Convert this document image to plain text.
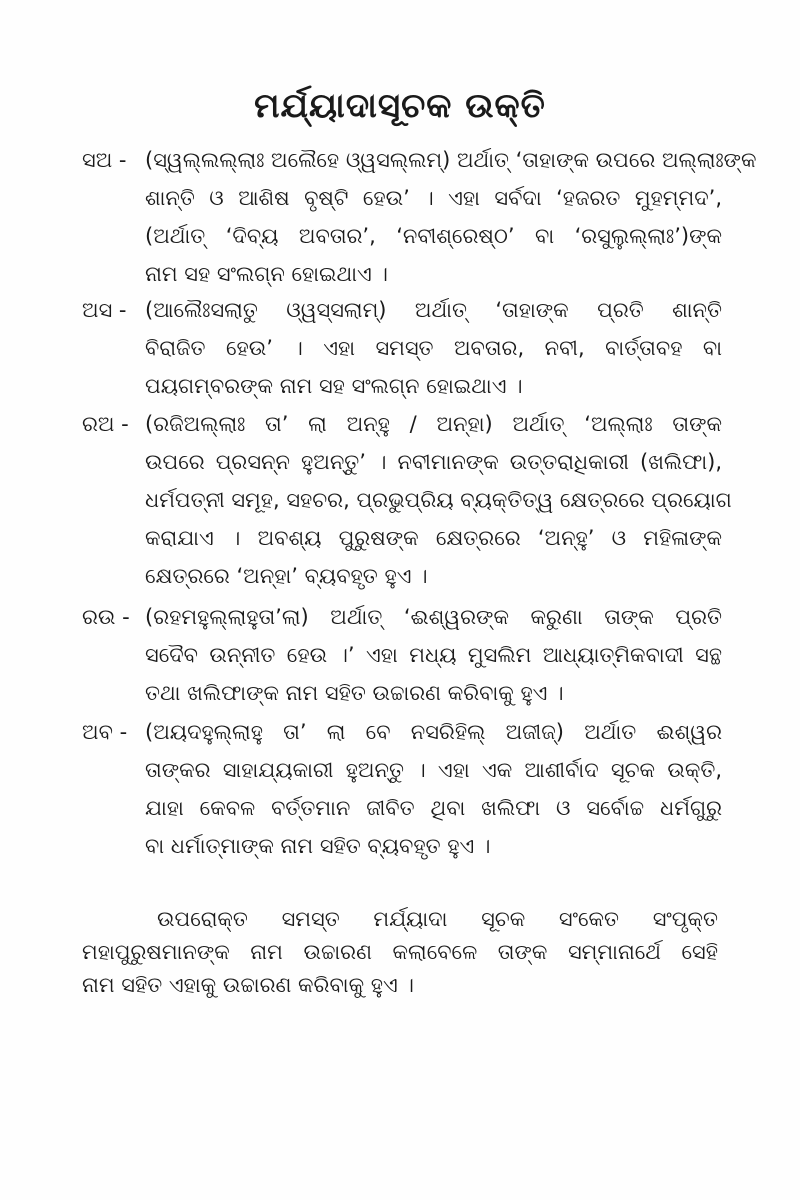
ମର୍ଯ୍ୟାଦାସୂଚକ ଉକ୍ତି
ସଅ - (ସ୍ୱଲ୍ଲଲ୍ଲାଃ ଅଲୈହେ ଓ୍ୱସଲ୍ଲମ୍) ଅର୍ଥାତ୍ ‘ତାହାଙ୍କ ଉପରେ ଅଲ୍ଲାଃଙ୍କ
ଶାନ୍ତି ଓ ଆଶିଷ ବୃଷ୍ଟି ହେଉ’ । ଏହା ସର୍ବଦା ‘ହଜରତ ମୁହମ୍ମଦ’,
(ଅର୍ଥାତ୍ ‘ଦିବ୍ୟ ଅବତାର’, ‘ନବୀଶ୍ରେଷ୍ଠ’ ବା ‘ରସୁଲୁଲ୍ଲାଃ’)ଙ୍କ
ନାମ ସହ ସଂଲଗ୍ନ ହୋଇଥାଏ ।
ଅସ - (ଆଲୈଃସଲାତୁ ଓ୍ୱସ୍‌ସଲାମ୍) ଅର୍ଥାତ୍ ‘ତାହାଙ୍କ ପ୍ରତି ଶାନ୍ତି
ବିରାଜିତ ହେଉ’ । ଏହା ସମସ୍ତ ଅବତାର, ନବୀ, ବାର୍ତ୍ତାବହ ବା
ପୟଗମ୍ବରଙ୍କ ନାମ ସହ ସଂଲଗ୍ନ ହୋଇଥାଏ ।
ରଅ - (ରଜିଅଲ୍ଲାଃ ତା’ ଲା ଅନ୍‌ହୁ / ଅନ୍‌ହା) ଅର୍ଥାତ୍ ‘ଅଲ୍ଲାଃ ତାଙ୍କ
ଉପରେ ପ୍ରସନ୍ନ ହୁଅନ୍ତୁ’ । ନବୀମାନଙ୍କ ଉତ୍ତରାଧିକାରୀ (ଖଲିଫା),
ଧର୍ମପତ୍ନୀ ସମୂହ, ସହଚର, ପ୍ରଭୁପ୍ରିୟ ବ୍ୟକ୍ତିତ୍ୱ କ୍ଷେତ୍ରରେ ପ୍ରୟୋଗ
କରାଯାଏ । ଅବଶ୍ୟ ପୁରୁଷଙ୍କ କ୍ଷେତ୍ରରେ ‘ଅନ୍‌ହୁ’ ଓ ମହିଳାଙ୍କ
କ୍ଷେତ୍ରରେ ‘ଅନ୍‌ହା’ ବ୍ୟବହୃତ ହୁଏ ।
ରଉ - (ରହମହୁଲ୍ଲାହୁତା’ଲା) ଅର୍ଥାତ୍ ‘ଈଶ୍ୱରଙ୍କ କରୁଣା ତାଙ୍କ ପ୍ରତି
ସଦୈବ ଉନ୍ନୀତ ହେଉ ।’ ଏହା ମଧ୍ୟ ମୁସଲିମ ଆଧ୍ୟାତ୍ମିକବାଦୀ ସନ୍ଥ
ତଥା ଖଲିଫାଙ୍କ ନାମ ସହିତ ଉଚ୍ଚାରଣ କରିବାକୁ ହୁଏ ।
ଅବ - (ଅୟଦହୁଲ୍ଲାହୁ ତା’ ଲା ବେ ନସରିହିଲ୍ ଅଜୀଜ୍) ଅର୍ଥାତ ଈଶ୍ୱର
ତାଙ୍କର ସାହାଯ୍ୟକାରୀ ହୁଅନ୍ତୁ । ଏହା ଏକ ଆଶୀର୍ବାଦ ସୂଚକ ଉକ୍ତି,
ଯାହା କେବଳ ବର୍ତ୍ତମାନ ଜୀବିତ ଥିବା ଖଲିଫା ଓ ସର୍ବୋଚ୍ଚ ଧର୍ମଗୁରୁ
ବା ଧର୍ମାତ୍ମାଙ୍କ ନାମ ସହିତ ବ୍ୟବହୃତ ହୁଏ ।
ଉପରୋକ୍ତ ସମସ୍ତ ମର୍ଯ୍ୟାଦା ସୂଚକ ସଂକେତ ସଂପୃକ୍ତ
ମହାପୁରୁଷମାନଙ୍କ ନାମ ଉଚ୍ଚାରଣ କଲାବେଳେ ତାଙ୍କ ସମ୍ମାନାର୍ଥେ ସେହି
ନାମ ସହିତ ଏହାକୁ ଉଚ୍ଚାରଣ କରିବାକୁ ହୁଏ ।
